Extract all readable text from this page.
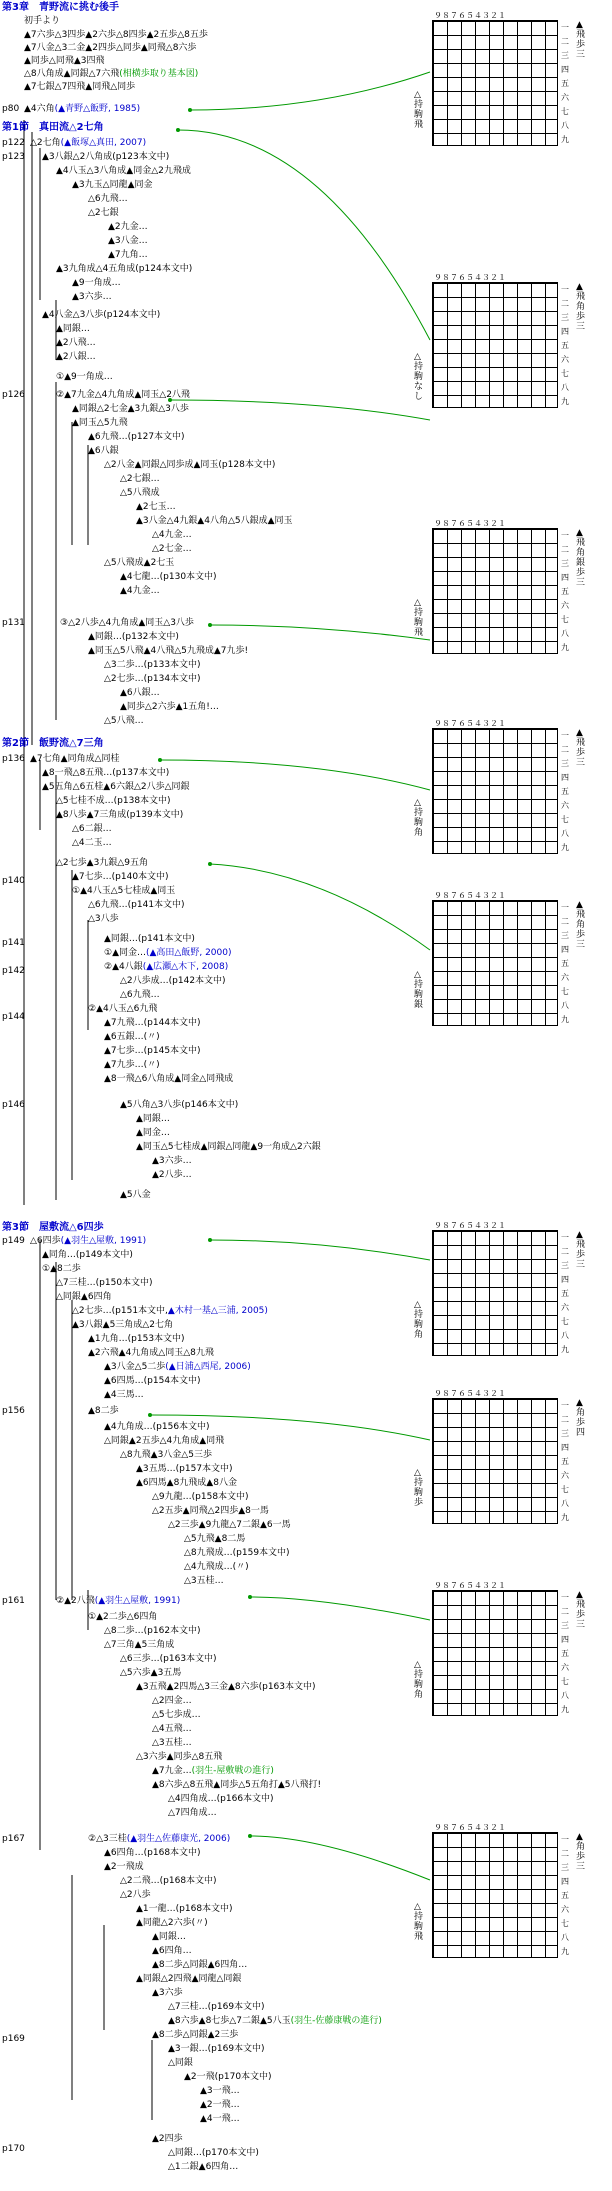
第3章　青野流に挑む後手
第1節　真田流△2七角
第2節　飯野流△7三角
第3節　屋敷流△6四歩
p80
p122
p123
p126
p131
p136
p140
p141
p142
p144
p146
p149
p156
p161
p167
p169
p170
初手より
▲7六歩△3四歩▲2六歩△8四歩▲2五歩△8五歩
▲7八金△3二金▲2四歩△同歩▲同飛△8六歩
▲同歩△同飛▲3四飛
△8八角成▲同銀△7六飛(相横歩取り基本図)
▲7七銀△7四飛▲同飛△同歩
▲4六角(▲青野△飯野, 1985)
△2七角(▲飯塚△真田, 2007)
▲3八銀△2八角成(p123本文中)
▲4八玉△3八角成▲同金△2九飛成
▲3九玉△同龍▲同金
△6九飛…
△2七銀
▲2九金…
▲3八金…
▲7九角…
▲3九角成△4五角成(p124本文中)
▲9一角成…
▲3六歩…
▲4八金△3八歩(p124本文中)
▲同銀…
▲2八飛…
▲2八銀…
①▲9一角成…
②▲7九金△4九角成▲同玉△2八飛
▲同銀△2七金▲3九銀△3八歩
▲同玉△5九飛
▲6九飛…(p127本文中)
▲6八銀
△2八金▲同銀△同歩成▲同玉(p128本文中)
△2七銀…
△5八飛成
▲2七玉…
▲3八金△4九銀▲4八角△5八銀成▲同玉
△4九金…
△2七金…
△5八飛成▲2七玉
▲4七龍…(p130本文中)
▲4九金…
③△2八歩△4九角成▲同玉△3八歩
▲同銀…(p132本文中)
▲同玉△5八飛▲4八飛△5九飛成▲7九歩!
△3二歩…(p133本文中)
△2七歩…(p134本文中)
▲6八銀…
▲同歩△2六歩▲1五角!…
△5八飛…
▲7七角▲同角成△同桂
▲8一飛△8五飛…(p137本文中)
▲5五角△6五桂▲6六銀△2八歩△同銀
△5七桂不成…(p138本文中)
▲8八歩▲7三角成(p139本文中)
△6二銀…
△4二玉…
△2七歩▲3九銀△9五角
▲7七歩…(p140本文中)
①▲4八玉△5七桂成▲同玉
△6九飛…(p141本文中)
△3八歩
▲同銀…(p141本文中)
①▲同金…(▲高田△飯野, 2000)
②▲4八銀(▲広瀬△木下, 2008)
△2八歩成…(p142本文中)
△6九飛…
②▲4八玉△6九飛
▲7九飛…(p144本文中)
▲6五銀…(〃)
▲7七歩…(p145本文中)
▲7九歩…(〃)
▲8一飛△6八角成▲同金△同飛成
▲5八角△3八歩(p146本文中)
▲同銀…
▲同金…
▲同玉△5七桂成▲同銀△同龍▲9一角成△2六銀
▲3六歩…
▲2八歩…
▲5八金
△6四歩(▲羽生△屋敷, 1991)
▲同角…(p149本文中)
①▲8二歩
△7三桂…(p150本文中)
△同銀▲6四角
△2七歩…(p151本文中,▲木村一基△三浦, 2005)
▲3八銀▲5三角成△2七角
▲1九角…(p153本文中)
▲2六飛▲4九角成△同玉△8九飛
▲3八金△5二歩(▲日浦△西尾, 2006)
▲6四馬…(p154本文中)
▲4三馬…
▲8二歩
▲4九角成…(p156本文中)
△同銀▲2五歩△4九角成▲同飛
△8九飛▲3八金△5三歩
▲3五馬…(p157本文中)
▲6四馬▲8九飛成▲8八金
△9九龍…(p158本文中)
△2五歩▲同飛△2四歩▲8一馬
△2三歩▲9九龍△7二銀▲6一馬
△5九飛▲8二馬
△8九飛成…(p159本文中)
△4九飛成…(〃)
△3五桂…
②▲2八飛(▲羽生△屋敷, 1991)
①▲2二歩△6四角
△8二歩…(p162本文中)
△7三角▲5三角成
△6三歩…(p163本文中)
△5六歩▲3五馬
▲3五飛▲2四馬△3三金▲8六歩(p163本文中)
△2四金…
△5七歩成…
△4五飛…
△3五桂…
△3六歩▲同歩△8五飛
▲7九金…(羽生-屋敷戦の進行)
▲8六歩△8五飛▲同歩△5五角打▲5八飛打!
△4四角成…(p166本文中)
△7四角成…
②△3三桂(▲羽生△佐藤康光, 2006)
▲6四角…(p168本文中)
▲2一飛成
△2二飛…(p168本文中)
△2八歩
▲1一龍…(p168本文中)
▲同龍△2六歩(〃)
▲同銀…
▲6四角…
▲8二歩△同銀▲6四角…
▲同銀△2四飛▲同龍△同銀
▲3六歩
△7三桂…(p169本文中)
▲8六歩▲8七歩△7二銀▲5八玉(羽生-佐藤康戦の進行)
▲8二歩△同銀▲2三歩
▲3一銀…(p169本文中)
△同銀
▲2一飛(p170本文中)
▲3一飛…
▲2一飛…
▲4一飛…
▲2四歩
△同銀…(p170本文中)
△1二銀▲6四角…
９８７６５４３２１
一二三四五六七八九
▲飛歩三
△持駒 飛
９８７６５４３２１
一二三四五六七八九
▲飛角歩三
△持駒 なし
９８７６５４３２１
一二三四五六七八九
▲飛角銀歩三
△持駒 飛
９８７６５４３２１
一二三四五六七八九
▲飛歩三
△持駒 角
９８７６５４３２１
一二三四五六七八九
▲飛角歩三
△持駒 銀
９８７６５４３２１
一二三四五六七八九
▲飛歩三
△持駒 角
９８７６５４３２１
一二三四五六七八九
▲角歩四
△持駒 歩
９８７６５４３２１
一二三四五六七八九
▲飛歩三
△持駒 角
９８７６５４３２１
一二三四五六七八九
▲角歩三
△持駒 飛
